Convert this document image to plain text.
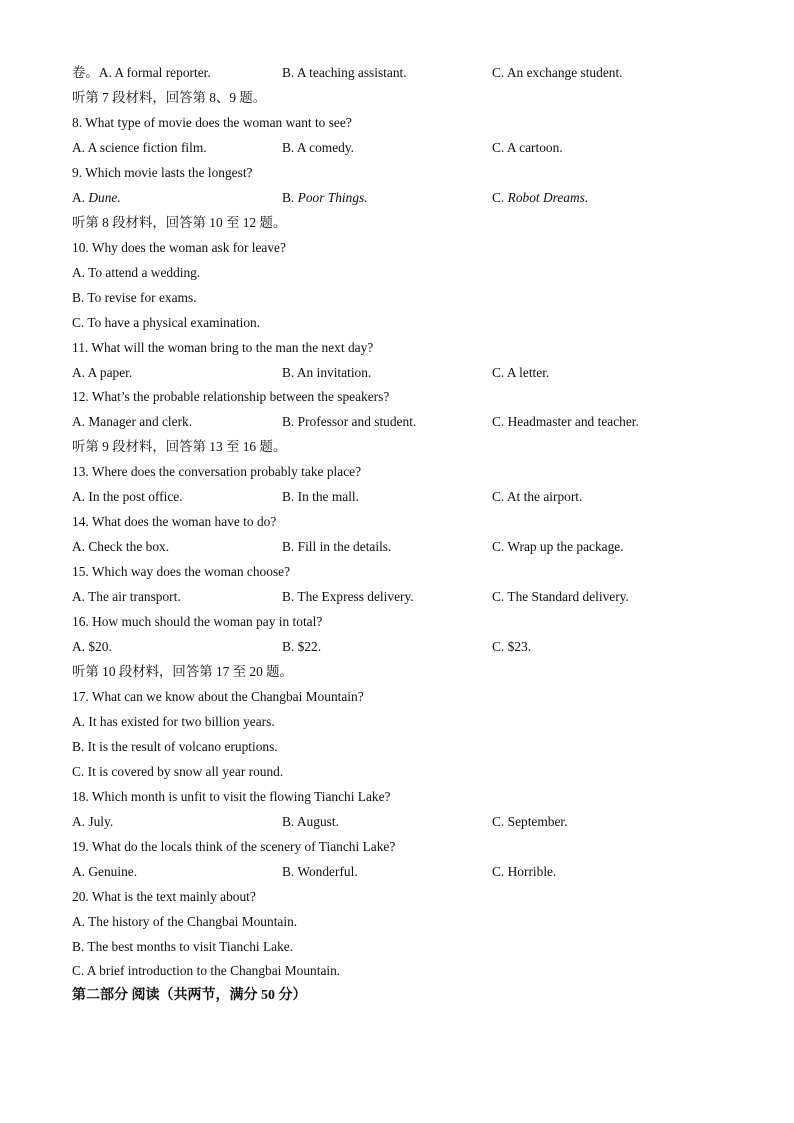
卷。A. A formal reporter.	B. A teaching assistant.	C. An exchange student.
听第 7 段材料，回答第 8、9 题。
8. What type of movie does the woman want to see?
A. A science fiction film.	B. A comedy.	C. A cartoon.
9. Which movie lasts the longest?
A. Dune.	B. Poor Things.	C. Robot Dreams.
听第 8 段材料，回答第 10 至 12 题。
10. Why does the woman ask for leave?
A. To attend a wedding.
B. To revise for exams.
C. To have a physical examination.
11. What will the woman bring to the man the next day?
A. A paper.	B. An invitation.	C. A letter.
12. What’s the probable relationship between the speakers?
A. Manager and clerk.	B. Professor and student.	C. Headmaster and teacher.
听第 9 段材料，回答第 13 至 16 题。
13. Where does the conversation probably take place?
A. In the post office.	B. In the mall.	C. At the airport.
14. What does the woman have to do?
A. Check the box.	B. Fill in the details.	C. Wrap up the package.
15. Which way does the woman choose?
A. The air transport.	B. The Express delivery.	C. The Standard delivery.
16. How much should the woman pay in total?
A. $20.	B. $22.	C. $23.
听第 10 段材料，回答第 17 至 20 题。
17. What can we know about the Changbai Mountain?
A. It has existed for two billion years.
B. It is the result of volcano eruptions.
C. It is covered by snow all year round.
18. Which month is unfit to visit the flowing Tianchi Lake?
A. July.	B. August.	C. September.
19. What do the locals think of the scenery of Tianchi Lake?
A. Genuine.	B. Wonderful.	C. Horrible.
20. What is the text mainly about?
A. The history of the Changbai Mountain.
B. The best months to visit Tianchi Lake.
C. A brief introduction to the Changbai Mountain.
第二部分 阅读（共两节，满分 50 分）
